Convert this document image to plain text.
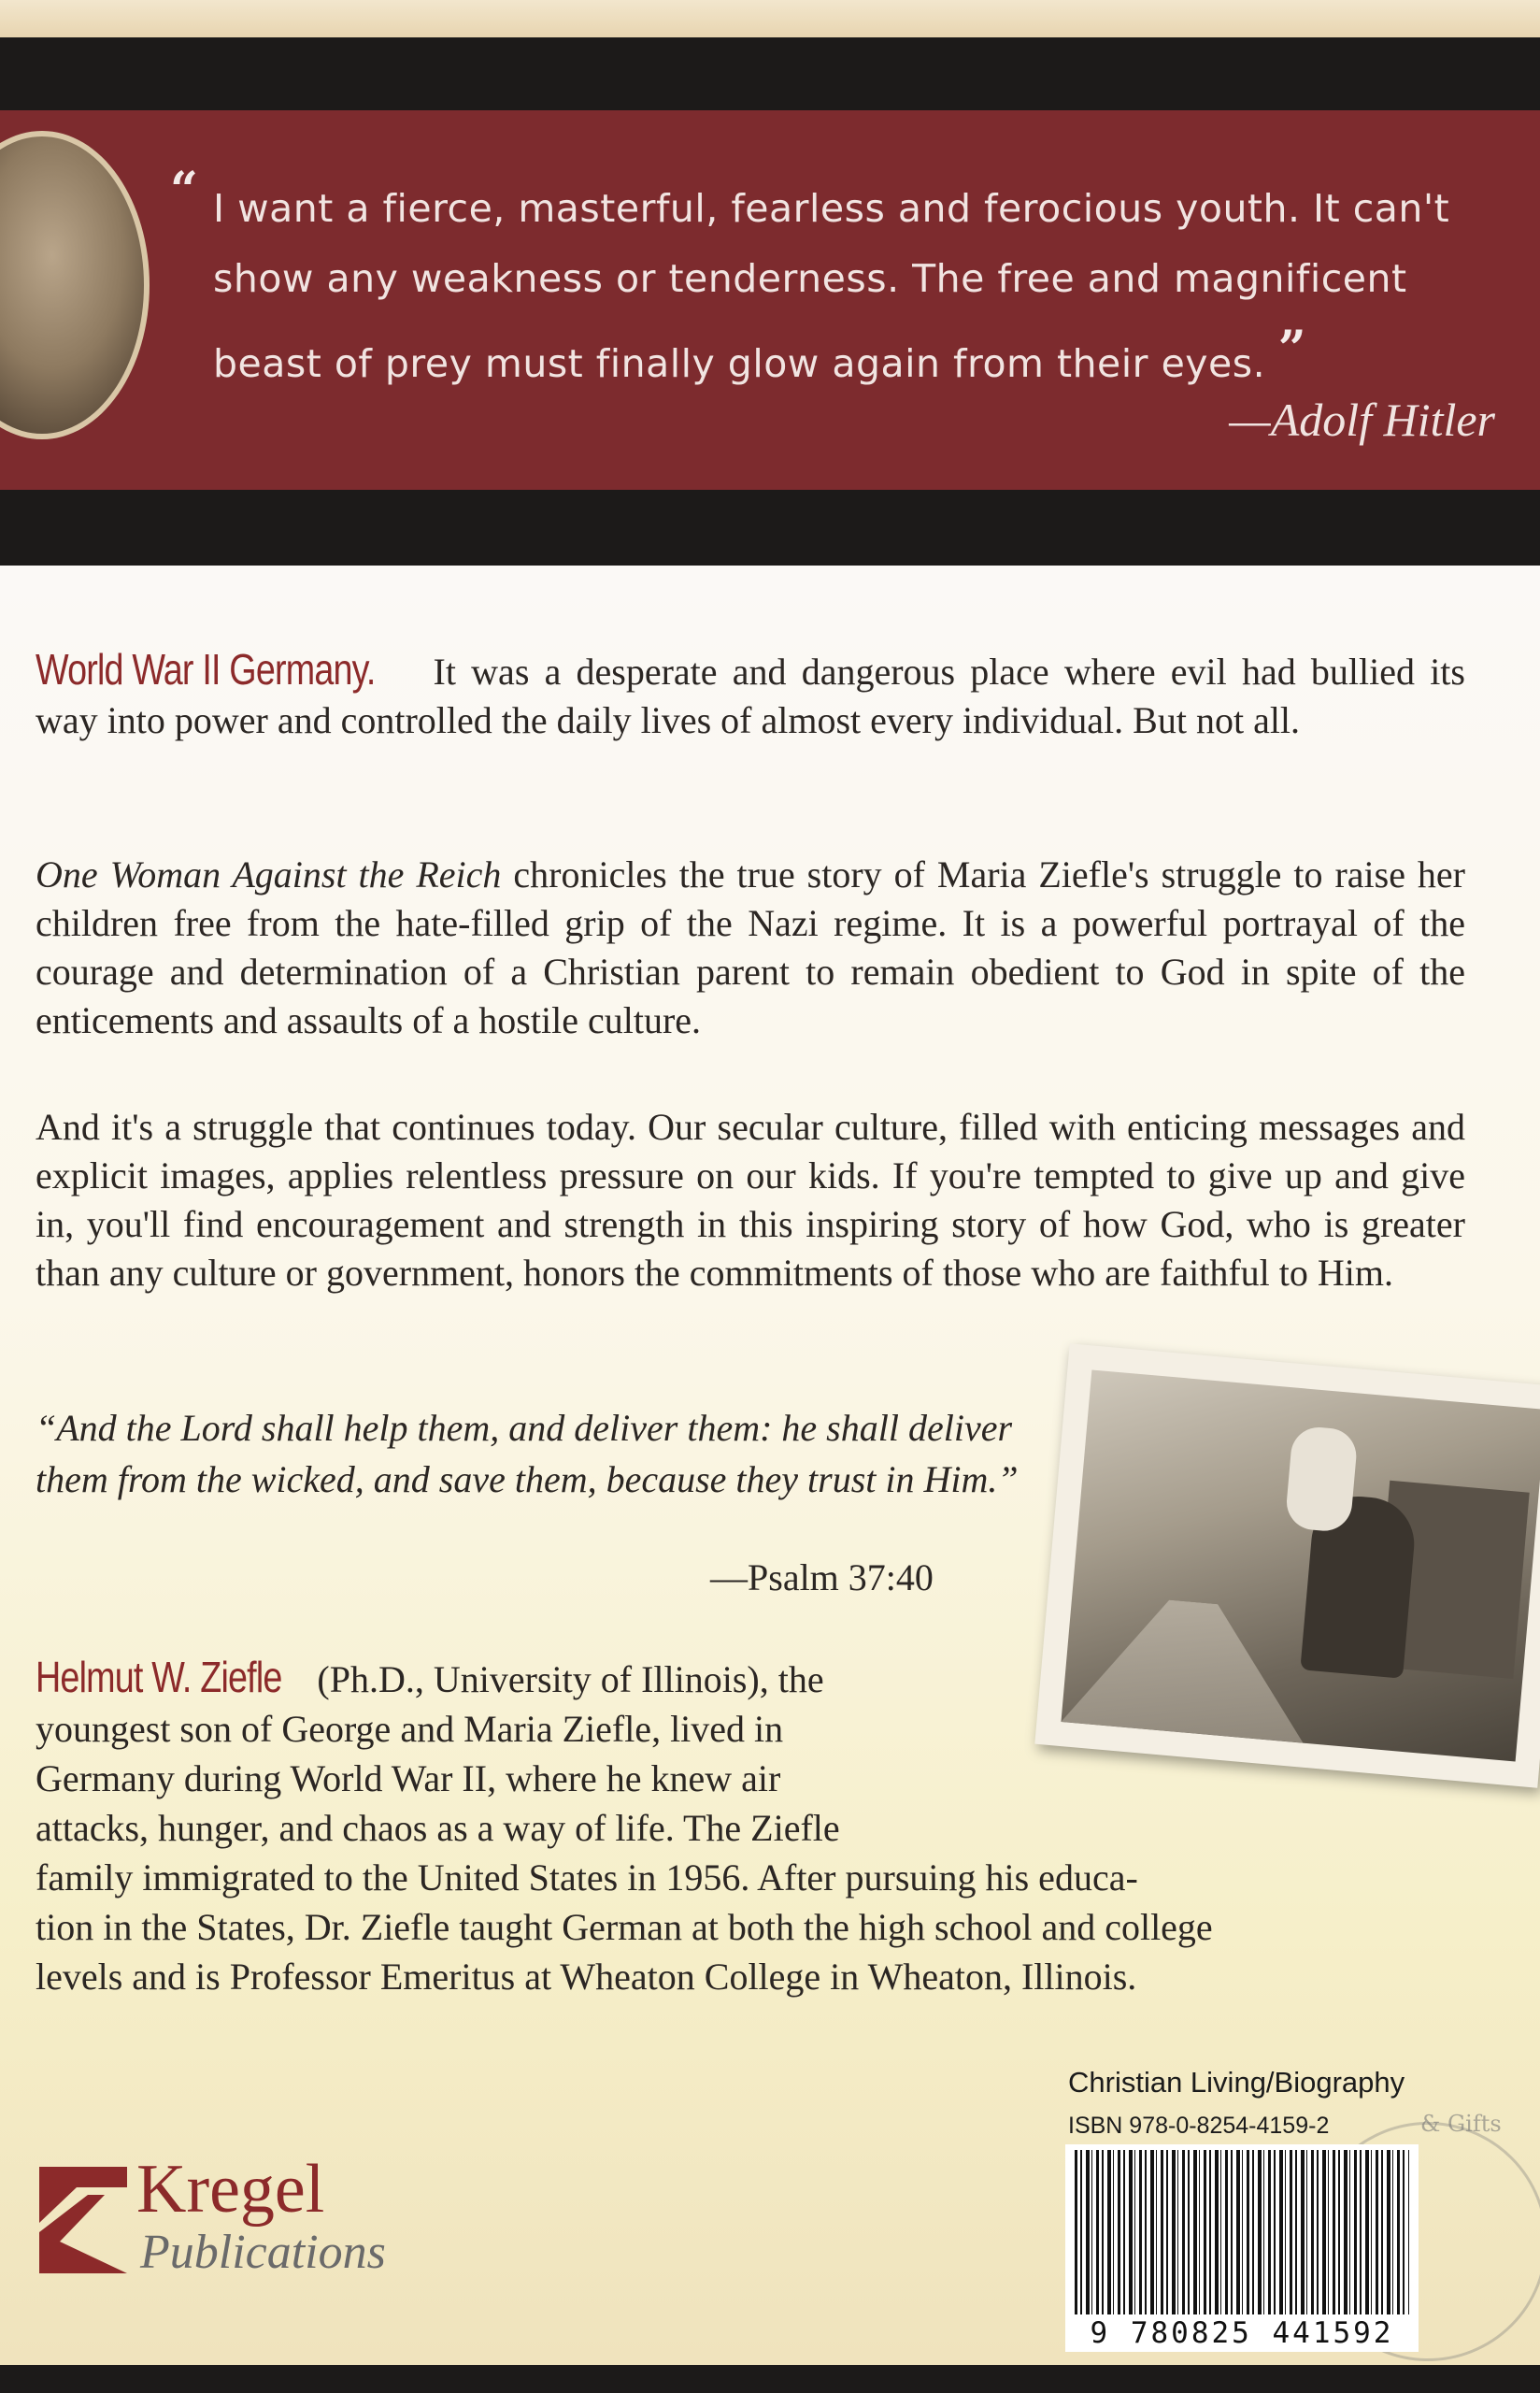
“ I want a fierce, masterful, fearless and ferocious youth. It can't show any weakness or tenderness. The free and magnificent beast of prey must finally glow again from their eyes. ”
—Adolf Hitler
World War II Germany. It was a desperate and dangerous place where evil had bullied its way into power and controlled the daily lives of almost every individual. But not all.
One Woman Against the Reich chronicles the true story of Maria Ziefle's struggle to raise her children free from the hate-filled grip of the Nazi regime. It is a powerful portrayal of the courage and determination of a Christian parent to remain obedient to God in spite of the enticements and assaults of a hostile culture.
And it's a struggle that continues today. Our secular culture, filled with enticing messages and explicit images, applies relentless pressure on our kids. If you're tempted to give up and give in, you'll find encouragement and strength in this inspiring story of how God, who is greater than any culture or government, honors the commitments of those who are faithful to Him.
“And the Lord shall help them, and deliver them: he shall deliver them from the wicked, and save them, because they trust in Him.”
—Psalm 37:40
Helmut W. Ziefle (Ph.D., University of Illinois), the
youngest son of George and Maria Ziefle, lived in
Germany during World War II, where he knew air
attacks, hunger, and chaos as a way of life. The Ziefle
family immigrated to the United States in 1956. After pursuing his educa-
tion in the States, Dr. Ziefle taught German at both the high school and college
levels and is Professor Emeritus at Wheaton College in Wheaton, Illinois.
Kregel
Publications
Christian Living/Biography
ISBN 978-0-8254-4159-2	& Gifts
9 780825 441592
